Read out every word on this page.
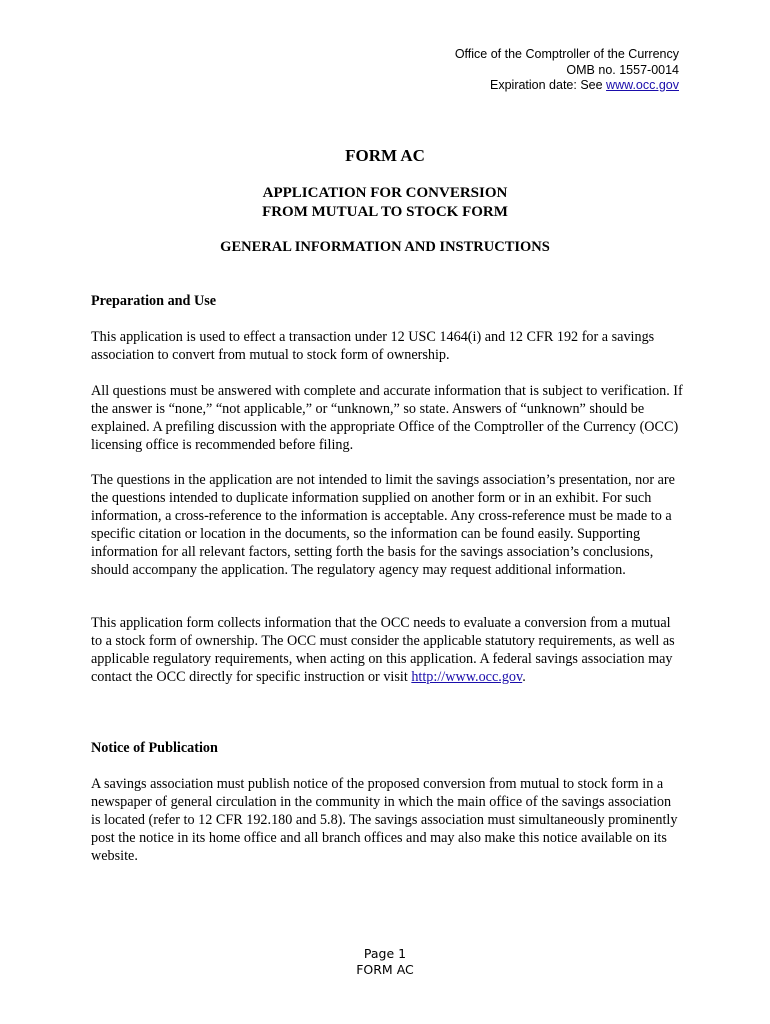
Office of the Comptroller of the Currency
OMB no. 1557-0014
Expiration date: See www.occ.gov
FORM AC
APPLICATION FOR CONVERSION
FROM MUTUAL TO STOCK FORM
GENERAL INFORMATION AND INSTRUCTIONS

Preparation and Use

This application is used to effect a transaction under 12 USC 1464(i) and 12 CFR 192 for a savings association to convert from mutual to stock form of ownership.

All questions must be answered with complete and accurate information that is subject to verification. If the answer is “none,” “not applicable,” or “unknown,” so state. Answers of “unknown” should be explained. A prefiling discussion with the appropriate Office of the Comptroller of the Currency (OCC) licensing office is recommended before filing.

The questions in the application are not intended to limit the savings association’s presentation, nor are the questions intended to duplicate information supplied on another form or in an exhibit. For such information, a cross-reference to the information is acceptable. Any cross-reference must be made to a specific citation or location in the documents, so the information can be found easily. Supporting information for all relevant factors, setting forth the basis for the savings association’s conclusions, should accompany the application. The regulatory agency may request additional information.

This application form collects information that the OCC needs to evaluate a conversion from a mutual to a stock form of ownership. The OCC must consider the applicable statutory requirements, as well as applicable regulatory requirements, when acting on this application. A federal savings association may contact the OCC directly for specific instruction or visit http://www.occ.gov.

Notice of Publication

A savings association must publish notice of the proposed conversion from mutual to stock form in a newspaper of general circulation in the community in which the main office of the savings association is located (refer to 12 CFR 192.180 and 5.8). The savings association must simultaneously prominently post the notice in its home office and all branch offices and may also make this notice available on its website.

Page 1
FORM AC
